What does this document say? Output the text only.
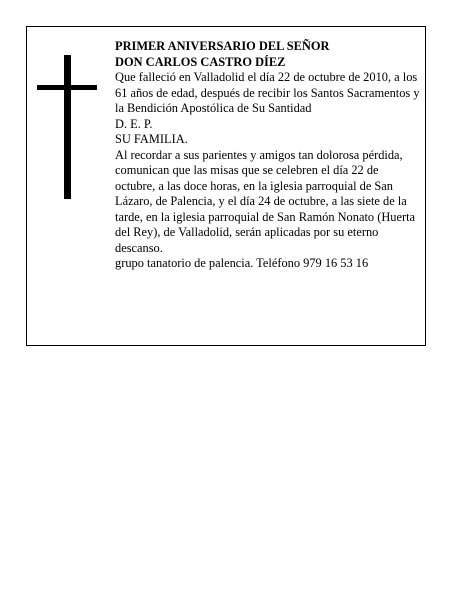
PRIMER ANIVERSARIO DEL SEÑOR

DON CARLOS CASTRO DÍEZ

Que falleció en Valladolid el día 22 de octubre de 2010, a los 61 años de edad, después de recibir los Santos Sacramentos y la Bendición Apostólica de Su Santidad

D. E. P.

SU FAMILIA.

Al recordar a sus parientes y amigos tan dolorosa pérdida, comunican que las misas que se celebren el día 22 de octubre, a las doce horas, en la iglesia parroquial de San Lázaro, de Palencia, y el día 24 de octubre, a las siete de la tarde, en la iglesia parroquial de San Ramón Nonato (Huerta del Rey), de Valladolid, serán aplicadas por su eterno descanso.

grupo tanatorio de palencia. Teléfono 979 16 53 16
